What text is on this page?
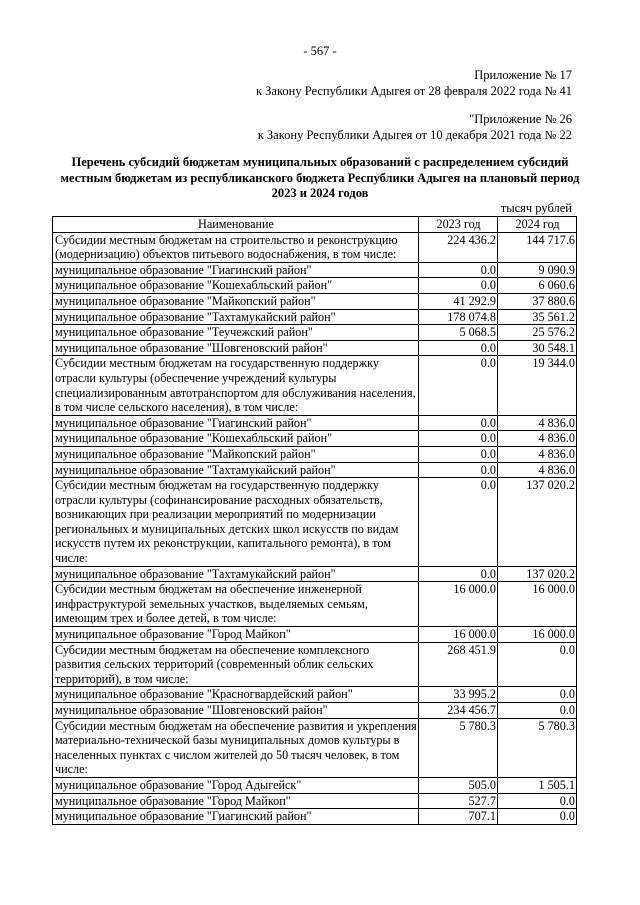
- 567 -
Приложение № 17
к Закону Республики Адыгея от 28 февраля 2022 года № 41
"Приложение № 26
к Закону Республики Адыгея от 10 декабря 2021 года № 22
Перечень субсидий бюджетам муниципальных образований с распределением субсидий местным бюджетам из республиканского бюджета Республики Адыгея на плановый период 2023 и 2024 годов
тысяч рублей
Наименование	2023 год	2024 год
Субсидии местным бюджетам на строительство и реконструкцию (модернизацию) объектов питьевого водоснабжения, в том числе:	224 436.2	144 717.6
муниципальное образование "Гиагинский район"	0.0	9 090.9
муниципальное образование "Кошехабльский район"	0.0	6 060.6
муниципальное образование "Майкопский район"	41 292.9	37 880.6
муниципальное образование "Тахтамукайский район"	178 074.8	35 561.2
муниципальное образование "Теучежский район"	5 068.5	25 576.2
муниципальное образование "Шовгеновский район"	0.0	30 548.1
Субсидии местным бюджетам на государственную поддержку отрасли культуры (обеспечение учреждений культуры специализированным автотранспортом для обслуживания населения, в том числе сельского населения), в том числе:	0.0	19 344.0
муниципальное образование "Гиагинский район"	0.0	4 836.0
муниципальное образование "Кошехабльский район"	0.0	4 836.0
муниципальное образование "Майкопский район"	0.0	4 836.0
муниципальное образование "Тахтамукайский район"	0.0	4 836.0
Субсидии местным бюджетам на государственную поддержку отрасли культуры (софинансирование расходных обязательств, возникающих при реализации мероприятий по модернизации региональных и муниципальных детских школ искусств по видам искусств путем их реконструкции, капитального ремонта), в том числе:	0.0	137 020.2
муниципальное образование "Тахтамукайский район"	0.0	137 020.2
Субсидии местным бюджетам на обеспечение инженерной инфраструктурой земельных участков, выделяемых семьям, имеющим трех и более детей, в том числе:	16 000.0	16 000.0
муниципальное образование "Город Майкоп"	16 000.0	16 000.0
Субсидии местным бюджетам на обеспечение комплексного развития сельских территорий (современный облик сельских территорий), в том числе:	268 451.9	0.0
муниципальное образование "Красногвардейский район"	33 995.2	0.0
муниципальное образование "Шовгеновский район"	234 456.7	0.0
Субсидии местным бюджетам на обеспечение развития и укрепления материально-технической базы муниципальных домов культуры в населенных пунктах с числом жителей до 50 тысяч человек, в том числе:	5 780.3	5 780.3
муниципальное образование "Город Адыгейск"	505.0	1 505.1
муниципальное образование "Город Майкоп"	527.7	0.0
муниципальное образование "Гиагинский район"	707.1	0.0
